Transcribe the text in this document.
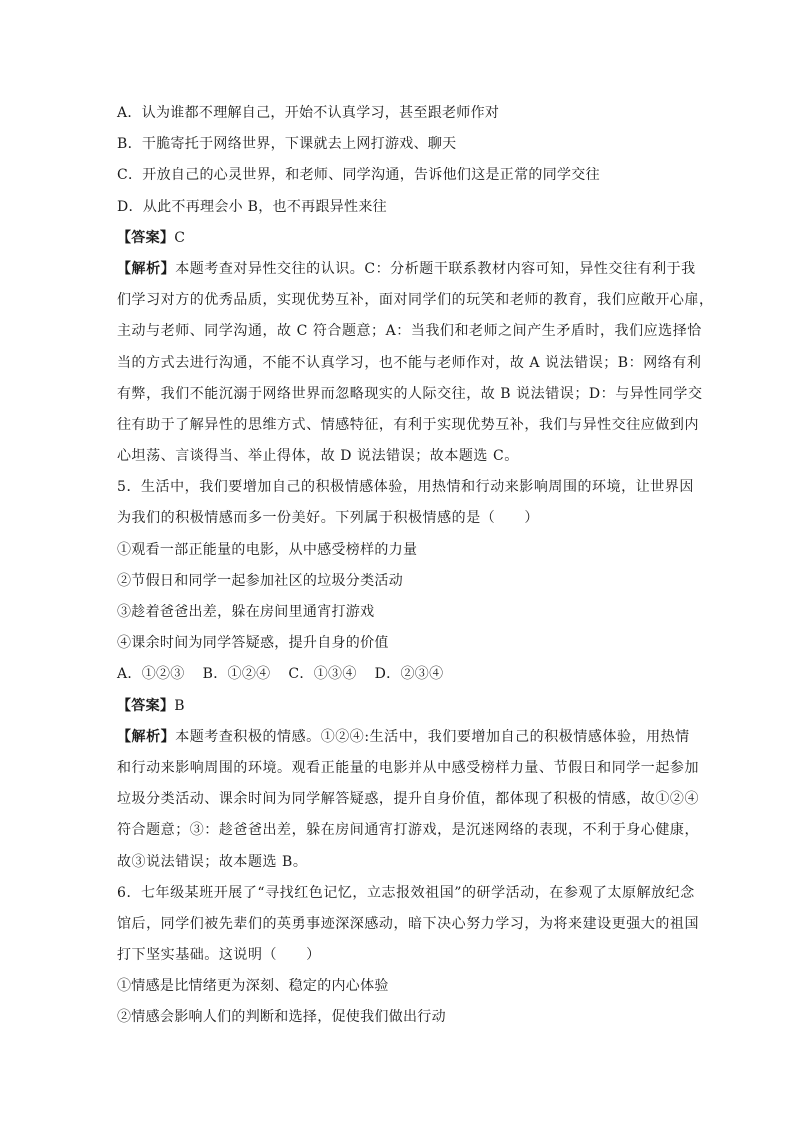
A．认为谁都不理解自己，开始不认真学习，甚至跟老师作对
B．干脆寄托于网络世界，下课就去上网打游戏、聊天
C．开放自己的心灵世界，和老师、同学沟通，告诉他们这是正常的同学交往
D．从此不再理会小 B，也不再跟异性来往
【答案】C
【解析】本题考查对异性交往的认识。C：分析题干联系教材内容可知，异性交往有利于我
们学习对方的优秀品质，实现优势互补，面对同学们的玩笑和老师的教育，我们应敞开心扉，
主动与老师、同学沟通，故 C 符合题意；A：当我们和老师之间产生矛盾时，我们应选择恰
当的方式去进行沟通，不能不认真学习，也不能与老师作对，故 A 说法错误；B：网络有利
有弊，我们不能沉溺于网络世界而忽略现实的人际交往，故 B 说法错误；D：与异性同学交
往有助于了解异性的思维方式、情感特征，有利于实现优势互补，我们与异性交往应做到内
心坦荡、言谈得当、举止得体，故 D 说法错误；故本题选 C。
5．生活中，我们要增加自己的积极情感体验，用热情和行动来影响周围的环境，让世界因
为我们的积极情感而多一份美好。下列属于积极情感的是（　　）
①观看一部正能量的电影，从中感受榜样的力量
②节假日和同学一起参加社区的垃圾分类活动
③趁着爸爸出差，躲在房间里通宵打游戏
④课余时间为同学答疑惑，提升自身的价值
A．①②③ B．①②④ C．①③④ D．②③④
【答案】B
【解析】本题考查积极的情感。①②④:生活中，我们要增加自己的积极情感体验，用热情
和行动来影响周围的环境。观看正能量的电影并从中感受榜样力量、节假日和同学一起参加
垃圾分类活动、课余时间为同学解答疑惑，提升自身价值，都体现了积极的情感，故①②④
符合题意；③：趁爸爸出差，躲在房间通宵打游戏，是沉迷网络的表现，不利于身心健康，
故③说法错误；故本题选 B。
6．七年级某班开展了“寻找红色记忆，立志报效祖国”的研学活动，在参观了太原解放纪念
馆后，同学们被先辈们的英勇事迹深深感动，暗下决心努力学习，为将来建设更强大的祖国
打下坚实基础。这说明（　　）
①情感是比情绪更为深刻、稳定的内心体验
②情感会影响人们的判断和选择，促使我们做出行动
